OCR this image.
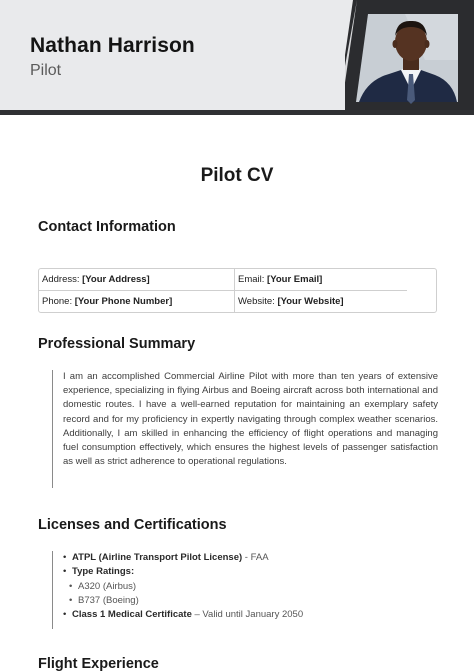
Nathan Harrison
Pilot
Pilot CV
Contact Information
Address: [Your Address]	Email: [Your Email]
Phone: [Your Phone Number]	Website: [Your Website]
Professional Summary

I am an accomplished Commercial Airline Pilot with more than ten years of extensive experience, specializing in flying Airbus and Boeing aircraft across both international and domestic routes. I have a well-earned reputation for maintaining an exemplary safety record and for my proficiency in expertly navigating through complex weather scenarios. Additionally, I am skilled in enhancing the efficiency of flight operations and managing fuel consumption effectively, which ensures the highest levels of passenger satisfaction as well as strict adherence to operational regulations.

Licenses and Certifications
• ATPL (Airline Transport Pilot License) - FAA
• Type Ratings:
• A320 (Airbus)
• B737 (Boeing)
• Class 1 Medical Certificate – Valid until January 2050
Flight Experience
